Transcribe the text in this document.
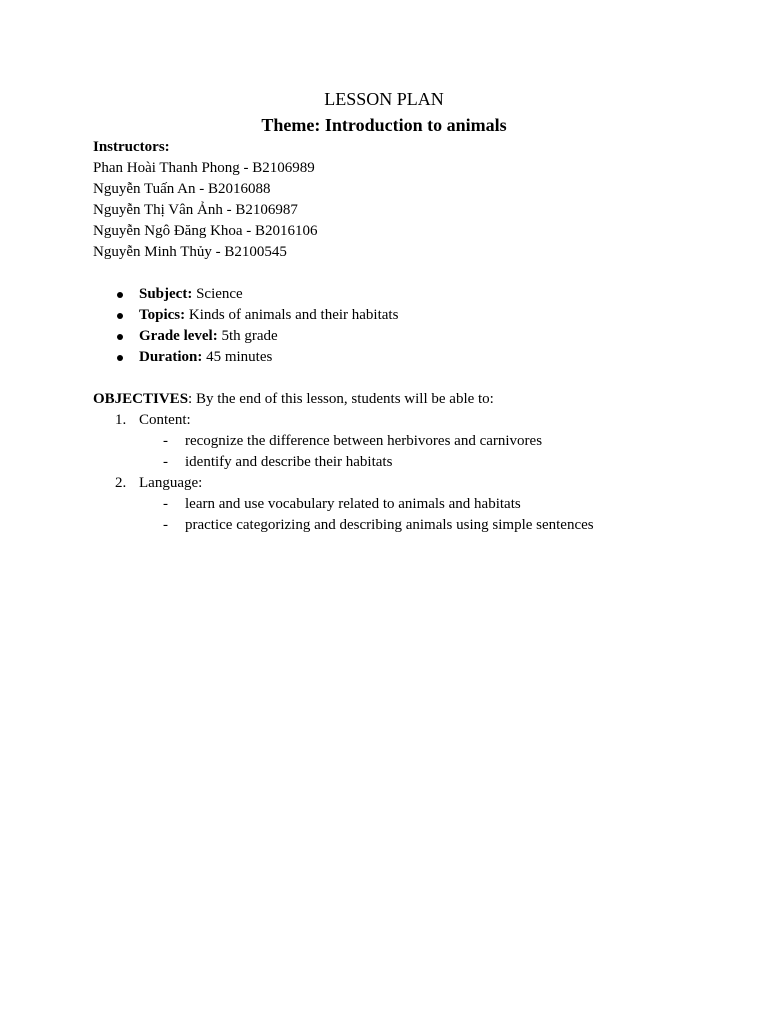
LESSON PLAN
Theme: Introduction to animals
Instructors:
Phan Hoài Thanh Phong - B2106989
Nguyễn Tuấn An - B2016088
Nguyễn Thị Vân Ảnh - B2106987
Nguyễn Ngô Đăng Khoa - B2016106
Nguyễn Minh Thủy - B2100545
Subject: Science
Topics: Kinds of animals and their habitats
Grade level: 5th grade
Duration: 45 minutes
OBJECTIVES: By the end of this lesson, students will be able to:
1. Content:
- recognize the difference between herbivores and carnivores
- identify and describe their habitats
2. Language:
- learn and use vocabulary related to animals and habitats
- practice categorizing and describing animals using simple sentences
